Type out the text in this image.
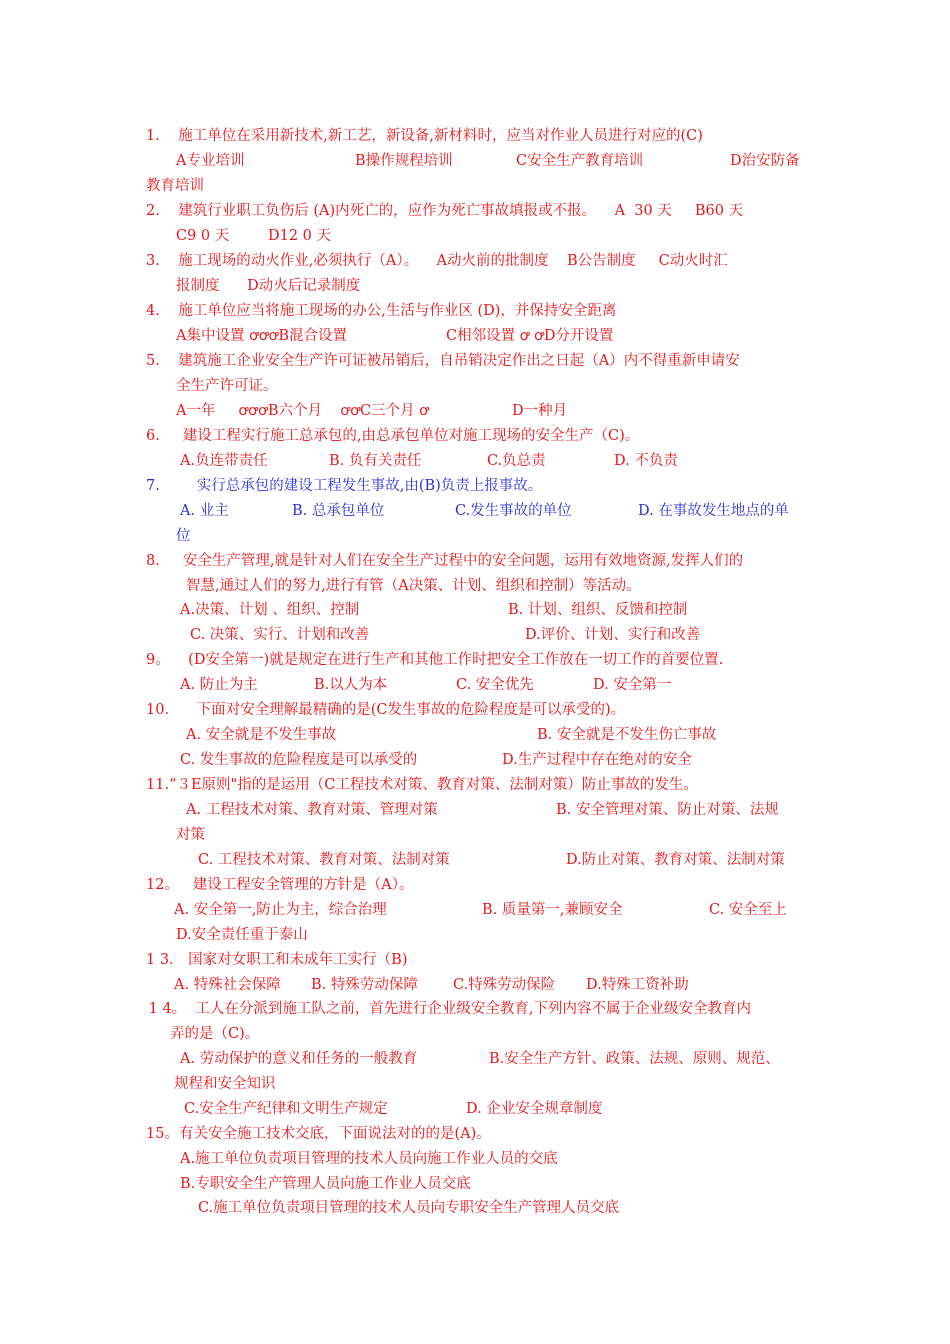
1.    施工单位在采用新技术,新工艺，新设备,新材料时，应当对作业人员进行对应的(C)
A专业培训	B操作规程培训	C安全生产教育培训	D治安防备
教育培训
2.    建筑行业职工负伤后 (A)内死亡的，应作为死亡事故填报或不报。    A  30 天     B60 天
C9 0 天	D12 0 天
3.    施工现场的动火作业,必须执行（A）。    A动火前的批制度    B公告制度     C动火时汇
报制度      D动火后记录制度
4.    施工单位应当将施工现场的办公,生活与作业区 (D)，并保持安全距离
A集中设置 ꝍꝍꝍB混合设置	C相邻设置 ꝍ ꝍD分开设置
5.    建筑施工企业安全生产许可证被吊销后，自吊销决定作出之日起（A）内不得重新申请安
全生产许可证。
A一年     ꝍꝍꝍB六个月    ꝍꝍC三个月 ꝍ	D一种月
6.     建设工程实行施工总承包的,由总承包单位对施工现场的安全生产（C)。
A.负连带责任	B. 负有关责任	C.负总责	D. 不负责
7.        实行总承包的建设工程发生事故,由(B)负责上报事故。
A. 业主	B. 总承包单位	C.发生事故的单位	D. 在事故发生地点的单
位
8.     安全生产管理,就是针对人们在安全生产过程中的安全问题，运用有效地资源,发挥人们的
智慧,通过人们的努力,进行有管（A决策、计划、组织和控制）等活动。
A.决策、计划 、组织、控制	B. 计划、组织、反馈和控制
C. 决策、实行、计划和改善	D.评价、计划、实行和改善
9。    (D安全第一)就是规定在进行生产和其他工作时把安全工作放在一切工作的首要位置.
A. 防止为主	B.以人为本	C. 安全优先	D. 安全第一
10.      下面对安全理解最精确的是(C发生事故的危险程度是可以承受的)。
A. 安全就是不发生事故	B. 安全就是不发生伤亡事故
C. 发生事故的危险程度是可以承受的	D.生产过程中存在绝对的安全
11.“３E原则"指的是运用（C工程技术对策、教育对策、法制对策）防止事故的发生。
A. 工程技术对策、教育对策、管理对策	B. 安全管理对策、防止对策、法规
对策
C. 工程技术对策、教育对策、法制对策	D.防止对策、教育对策、法制对策
12。   建设工程安全管理的方针是（A）。
A. 安全第一,防止为主，综合治理	B. 质量第一,兼顾安全	C. 安全至上
D.安全责任重于泰山
1 3． 国家对女职工和未成年工实行（B)
A. 特殊社会保障 B. 特殊劳动保障 C.特殊劳动保险 D.特殊工资补助
1 4。  工人在分派到施工队之前，首先进行企业级安全教育,下列内容不属于企业级安全教育内
弄的是（C)。
A. 劳动保护的意义和任务的一般教育	B.安全生产方针、政策、法规、原则、规范、
规程和安全知识
C.安全生产纪律和文明生产规定	D. 企业安全规章制度
15。有关安全施工技术交底，下面说法对的的是(A)。
A.施工单位负责项目管理的技术人员向施工作业人员的交底
B.专职安全生产管理人员向施工作业人员交底
C.施工单位负责项目管理的技术人员向专职安全生产管理人员交底
